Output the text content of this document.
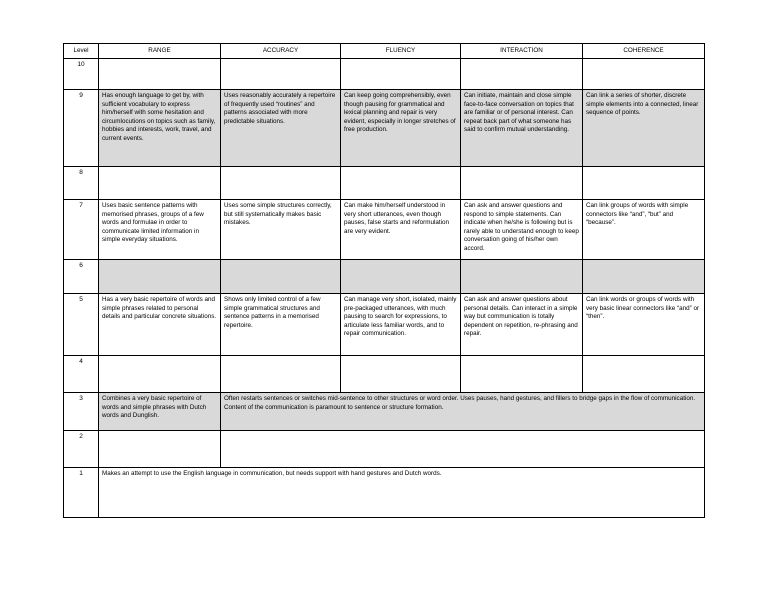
Level	RANGE	ACCURACY	FLUENCY	INTERACTION	COHERENCE
10					
9	Has enough language to get by, with sufficient vocabulary to express him/herself with some hesitation and circumlocutions on topics such as family, hobbies and interests, work, travel, and current events.	Uses reasonably accurately a repertoire of frequently used “routines” and patterns associated with more predictable situations.	Can keep going comprehensibly, even though pausing for grammatical and lexical planning and repair is very evident, especially in longer stretches of free production.	Can initiate, maintain and close simple face-to-face conversation on topics that are familiar or of personal interest. Can repeat back part of what someone has said to confirm mutual understanding.	Can link a series of shorter, discrete simple elements into a connected, linear sequence of points.
8					
7	Uses basic sentence patterns with memorised phrases, groups of a few words and formulae in order to communicate limited information in simple everyday situations.	Uses some simple structures correctly, but still systematically makes basic mistakes.	Can make him/herself understood in very short utterances, even though pauses, false starts and reformulation are very evident.	Can ask and answer questions and respond to simple statements. Can indicate when he/she is following but is rarely able to understand enough to keep conversation going of his/her own accord.	Can link groups of words with simple connectors like “and”, “but” and “because”.
6					
5	Has a very basic repertoire of words and simple phrases related to personal details and particular concrete situations.	Shows only limited control of a few simple grammatical structures and sentence patterns in a memorised repertoire.	Can manage very short, isolated, mainly pre-packaged utterances, with much pausing to search for expressions, to articulate less familiar words, and to repair communication.	Can ask and answer questions about personal details. Can interact in a simple way but communication is totally dependent on repetition, re-phrasing and repair.	Can link words or groups of words with very basic linear connectors like “and” or “then”.
4					
3	Combines a very basic repertoire of words and simple phrases with Dutch words and Dunglish.	Often restarts sentences or switches mid-sentence to other structures or word order. Uses pauses, hand gestures, and fillers to bridge gaps in the flow of communication. Content of the communication is paramount to sentence or structure formation.			
2					
1	Makes an attempt to use the English language in communication, but needs support with hand gestures and Dutch words.				
